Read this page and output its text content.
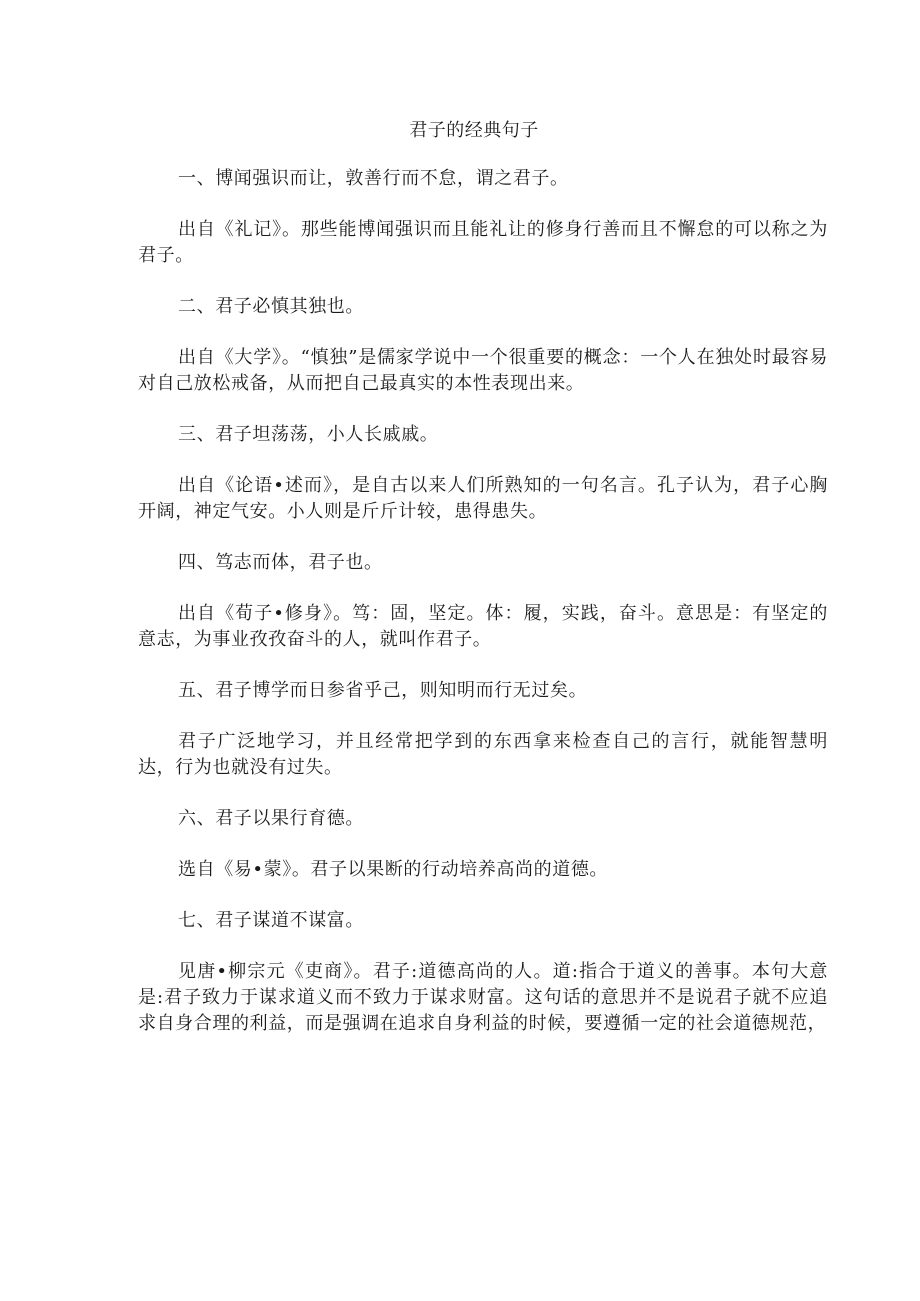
君子的经典句子

一、博闻强识而让，敦善行而不怠，谓之君子。

出自《礼记》。那些能博闻强识而且能礼让的修身行善而且不懈怠的可以称之为君子。

二、君子必慎其独也。

出自《大学》。“慎独”是儒家学说中一个很重要的概念：一个人在独处时最容易对自己放松戒备，从而把自己最真实的本性表现出来。

三、君子坦荡荡，小人长戚戚。

出自《论语•述而》，是自古以来人们所熟知的一句名言。孔子认为，君子心胸开阔，神定气安。小人则是斤斤计较，患得患失。

四、笃志而体，君子也。

出自《荀子•修身》。笃：固，坚定。体：履，实践，奋斗。意思是：有坚定的意志，为事业孜孜奋斗的人，就叫作君子。

五、君子博学而日参省乎己，则知明而行无过矣。

君子广泛地学习，并且经常把学到的东西拿来检查自己的言行，就能智慧明达，行为也就没有过失。

六、君子以果行育德。

选自《易•蒙》。君子以果断的行动培养高尚的道德。

七、君子谋道不谋富。

见唐•柳宗元《吏商》。君子:道德高尚的人。道:指合于道义的善事。本句大意是:君子致力于谋求道义而不致力于谋求财富。这句话的意思并不是说君子就不应追求自身合理的利益，而是强调在追求自身利益的时候，要遵循一定的社会道德规范，
